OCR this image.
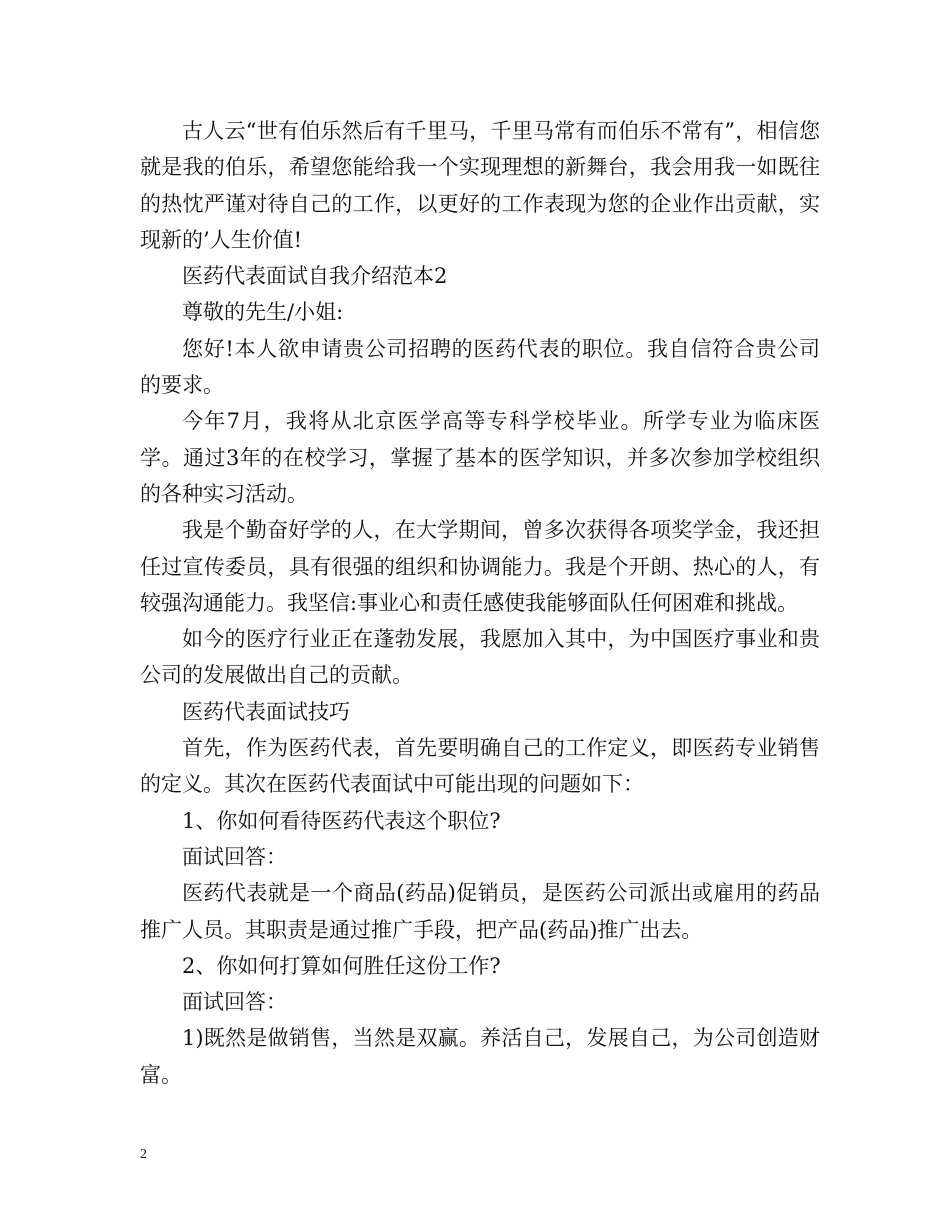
古人云“世有伯乐然后有千里马，千里马常有而伯乐不常有”，相信您就是我的伯乐，希望您能给我一个实现理想的新舞台，我会用我一如既往的热忱严谨对待自己的工作，以更好的工作表现为您的企业作出贡献，实现新的’人生价值!

医药代表面试自我介绍范本2

尊敬的先生/小姐:

您好!本人欲申请贵公司招聘的医药代表的职位。我自信符合贵公司的要求。

今年7月，我将从北京医学高等专科学校毕业。所学专业为临床医学。通过3年的在校学习，掌握了基本的医学知识，并多次参加学校组织的各种实习活动。

我是个勤奋好学的人，在大学期间，曾多次获得各项奖学金，我还担任过宣传委员，具有很强的组织和协调能力。我是个开朗、热心的人，有较强沟通能力。我坚信:事业心和责任感使我能够面队任何困难和挑战。

如今的医疗行业正在蓬勃发展，我愿加入其中，为中国医疗事业和贵公司的发展做出自己的贡献。

医药代表面试技巧

首先，作为医药代表，首先要明确自己的工作定义，即医药专业销售的定义。其次在医药代表面试中可能出现的问题如下：

1、你如何看待医药代表这个职位?

面试回答：

医药代表就是一个商品(药品)促销员，是医药公司派出或雇用的药品推广人员。其职责是通过推广手段，把产品(药品)推广出去。

2、你如何打算如何胜任这份工作?

面试回答：

1)既然是做销售，当然是双赢。养活自己，发展自己，为公司创造财富。

2
